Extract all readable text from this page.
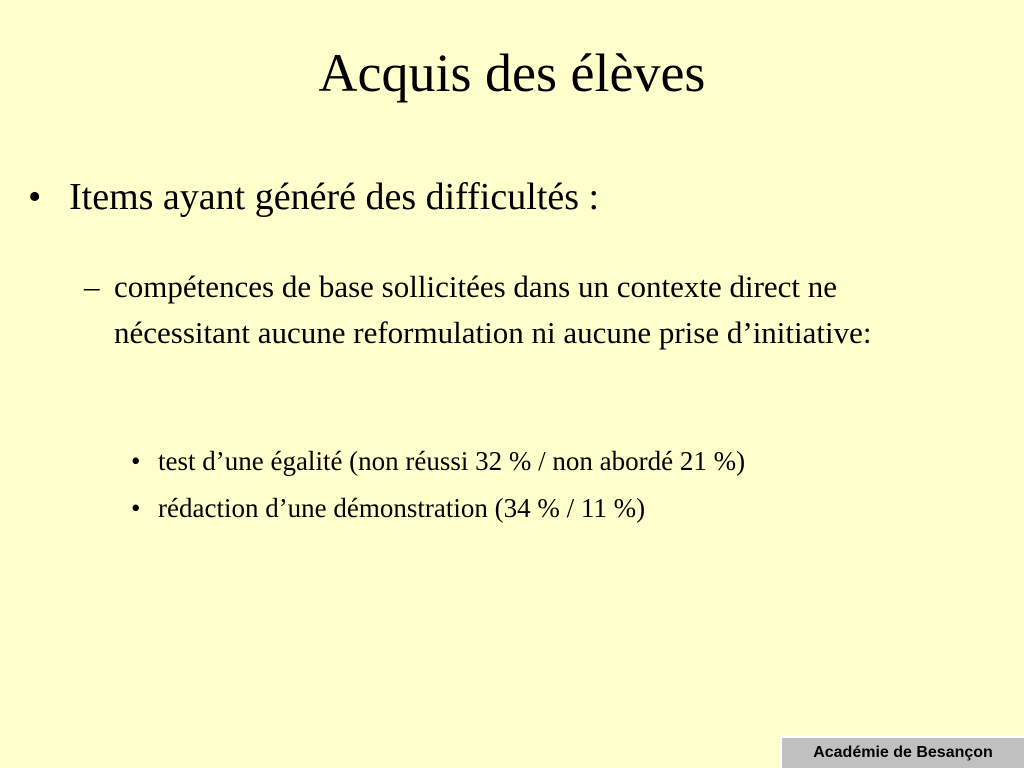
Acquis des élèves
• Items ayant généré des difficultés :
– compétences de base sollicitées dans un contexte direct ne nécessitant aucune reformulation ni aucune prise d’initiative:
• test d’une égalité (non réussi 32 % / non abordé 21 %)
• rédaction d’une démonstration (34 % / 11 %)
Académie de Besançon
